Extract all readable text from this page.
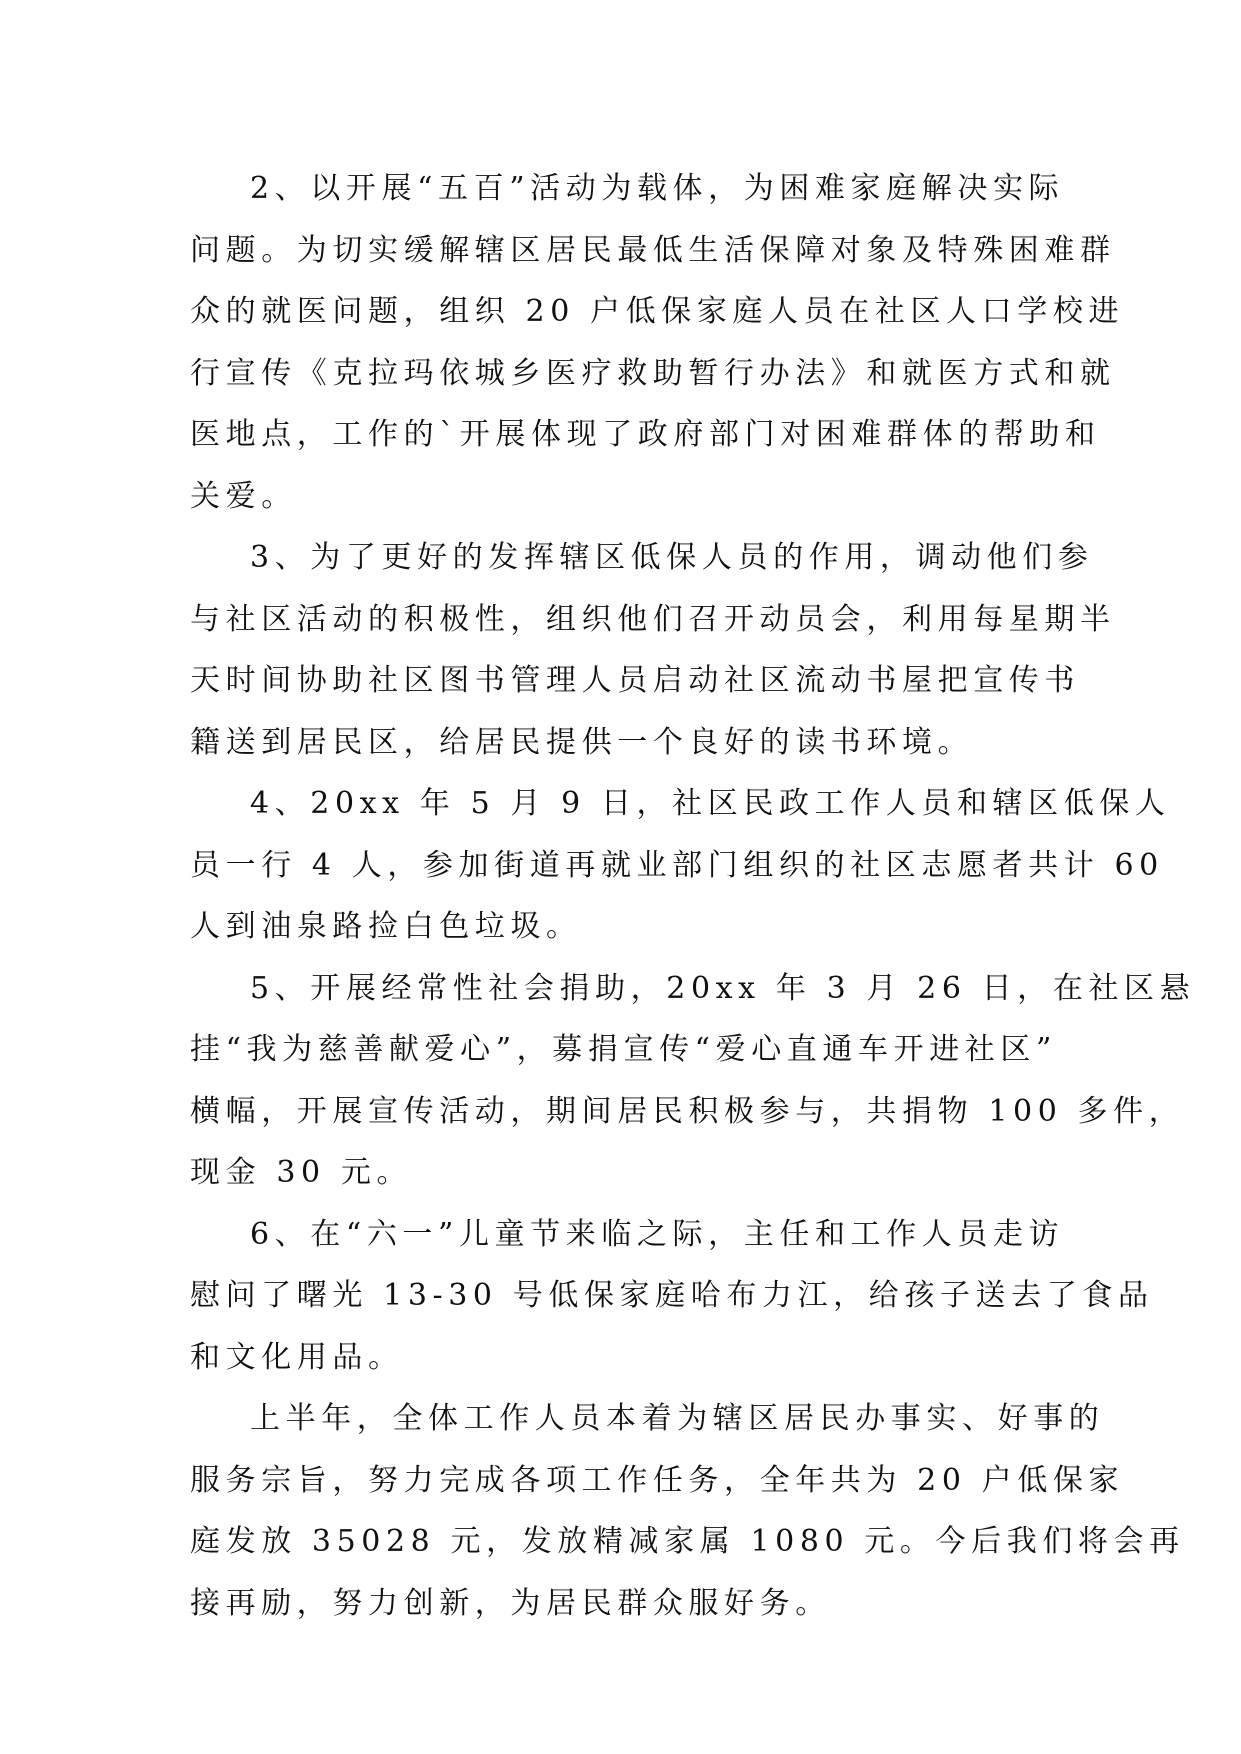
2、以开展“五百”活动为载体，为困难家庭解决实际
问题。为切实缓解辖区居民最低生活保障对象及特殊困难群
众的就医问题，组织 20 户低保家庭人员在社区人口学校进
行宣传《克拉玛依城乡医疗救助暂行办法》和就医方式和就
医地点，工作的`开展体现了政府部门对困难群体的帮助和
关爱。

3、为了更好的发挥辖区低保人员的作用，调动他们参
与社区活动的积极性，组织他们召开动员会，利用每星期半
天时间协助社区图书管理人员启动社区流动书屋把宣传书
籍送到居民区，给居民提供一个良好的读书环境。

4、20xx 年 5 月 9 日，社区民政工作人员和辖区低保人
员一行 4 人，参加街道再就业部门组织的社区志愿者共计 60
人到油泉路捡白色垃圾。

5、开展经常性社会捐助，20xx 年 3 月 26 日，在社区悬
挂“我为慈善献爱心”，募捐宣传“爱心直通车开进社区”
横幅，开展宣传活动，期间居民积极参与，共捐物 100 多件，
现金 30 元。

6、在“六一”儿童节来临之际，主任和工作人员走访
慰问了曙光 13-30 号低保家庭哈布力江，给孩子送去了食品
和文化用品。

上半年，全体工作人员本着为辖区居民办事实、好事的
服务宗旨，努力完成各项工作任务，全年共为 20 户低保家
庭发放 35028 元，发放精减家属 1080 元。今后我们将会再
接再励，努力创新，为居民群众服好务。
